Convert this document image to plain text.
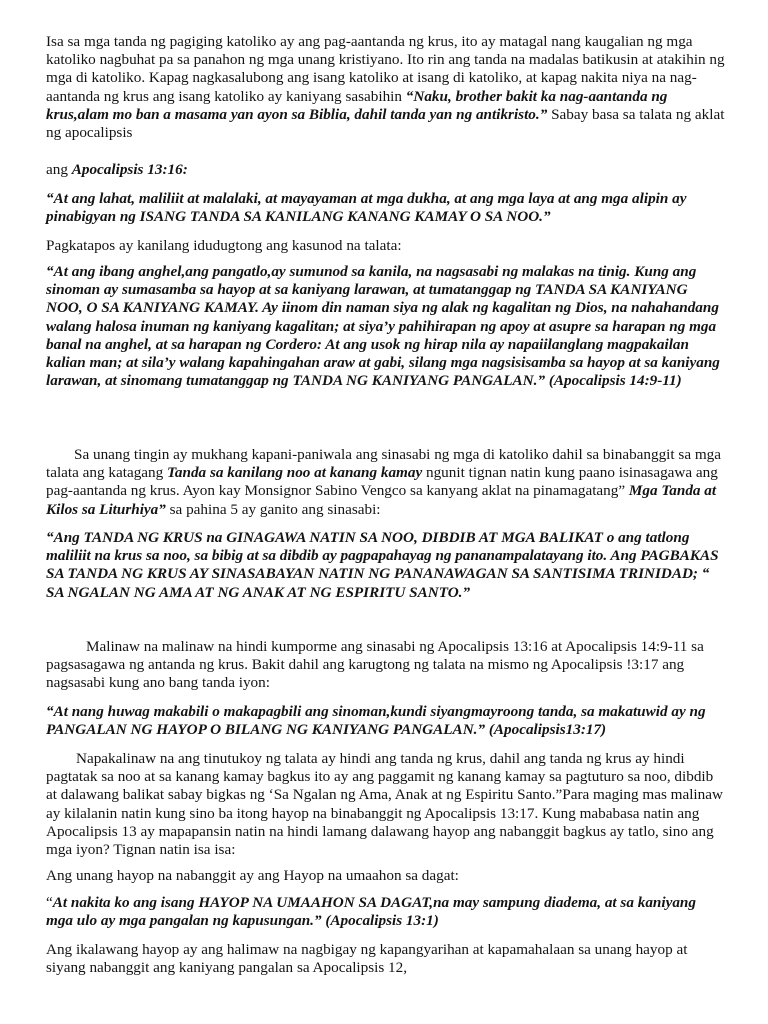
Isa sa mga tanda ng pagiging katoliko ay ang pag-aantanda ng krus, ito ay matagal nang kaugalian ng mga katoliko nagbuhat pa sa panahon ng mga unang kristiyano. Ito rin ang tanda na madalas batikusin at atakihin ng mga di katoliko. Kapag nagkasalubong ang isang katoliko at isang di katoliko, at kapag nakita niya na nag-aantanda ng krus ang isang katoliko ay kaniyang sasabihin “Naku, brother bakit ka nag-aantanda ng krus,alam mo ban a masama yan ayon sa Biblia, dahil tanda yan ng antikristo.” Sabay basa sa talata ng aklat ng apocalipsis

ang Apocalipsis 13:16:

“At ang lahat, maliliit at malalaki, at mayayaman at mga dukha, at ang mga laya at ang mga alipin ay pinabigyan ng ISANG TANDA SA KANILANG KANANG KAMAY O SA NOO.”

Pagkatapos ay kanilang idudugtong ang kasunod na talata:

“At ang ibang anghel,ang pangatlo,ay sumunod sa kanila, na nagsasabi ng malakas na tinig. Kung ang sinoman ay sumasamba sa hayop at sa kaniyang larawan, at tumatanggap ng TANDA SA KANIYANG NOO, O SA KANIYANG KAMAY. Ay iinom din naman siya ng alak ng kagalitan ng Dios, na nahahandang walang halosa inuman ng kaniyang kagalitan; at siya’y pahihirapan ng apoy at asupre sa harapan ng mga banal na anghel, at sa harapan ng Cordero: At ang usok ng hirap nila ay napaiilanglang magpakailan kalian man; at sila’y walang kapahingahan araw at gabi, silang mga nagsisisamba sa hayop at sa kaniyang larawan, at sinomang tumatanggap ng TANDA NG KANIYANG PANGALAN.” (Apocalipsis 14:9-11)

Sa unang tingin ay mukhang kapani-paniwala ang sinasabi ng mga di katoliko dahil sa binabanggit sa mga talata ang katagang Tanda sa kanilang noo at kanang kamay ngunit tignan natin kung paano isinasagawa ang pag-aantanda ng krus. Ayon kay Monsignor Sabino Vengco sa kanyang aklat na pinamagatang” Mga Tanda at Kilos sa Liturhiya” sa pahina 5 ay ganito ang sinasabi:

“Ang TANDA NG KRUS na GINAGAWA NATIN SA NOO, DIBDIB AT MGA BALIKAT o ang tatlong maliliit na krus sa noo, sa bibig at sa dibdib ay pagpapahayag ng pananampalatayang ito. Ang PAGBAKAS SA TANDA NG KRUS AY SINASABAYAN NATIN NG PANANAWAGAN SA SANTISIMA TRINIDAD; “ SA NGALAN NG AMA AT NG ANAK AT NG ESPIRITU SANTO.”

Malinaw na malinaw na hindi kumporme ang sinasabi ng Apocalipsis 13:16 at Apocalipsis 14:9-11 sa pagsasagawa ng antanda ng krus. Bakit dahil ang karugtong ng talata na mismo ng Apocalipsis !3:17 ang nagsasabi kung ano bang tanda iyon:

“At nang huwag makabili o makapagbili ang sinoman,kundi siyangmayroong tanda, sa makatuwid ay ng PANGALAN NG HAYOP O BILANG NG KANIYANG PANGALAN.” (Apocalipsis13:17)

Napakalinaw na ang tinutukoy ng talata ay hindi ang tanda ng krus, dahil ang tanda ng krus ay hindi pagtatak sa noo at sa kanang kamay bagkus ito ay ang paggamit ng kanang kamay sa pagtuturo sa noo, dibdib at dalawang balikat sabay bigkas ng ‘Sa Ngalan ng Ama, Anak at ng Espiritu Santo.”Para maging mas malinaw ay kilalanin natin kung sino ba itong hayop na binabanggit ng Apocalipsis 13:17. Kung mababasa natin ang Apocalipsis 13 ay mapapansin natin na hindi lamang dalawang hayop ang nabanggit bagkus ay tatlo, sino ang mga iyon? Tignan natin isa isa:

Ang unang hayop na nabanggit ay ang Hayop na umaahon sa dagat:

“At nakita ko ang isang HAYOP NA UMAAHON SA DAGAT,na may sampung diadema, at sa kaniyang mga ulo ay mga pangalan ng kapusungan.” (Apocalipsis 13:1)

Ang ikalawang hayop ay ang halimaw na nagbigay ng kapangyarihan at kapamahalaan sa unang hayop at siyang nabanggit ang kaniyang pangalan sa Apocalipsis 12,
